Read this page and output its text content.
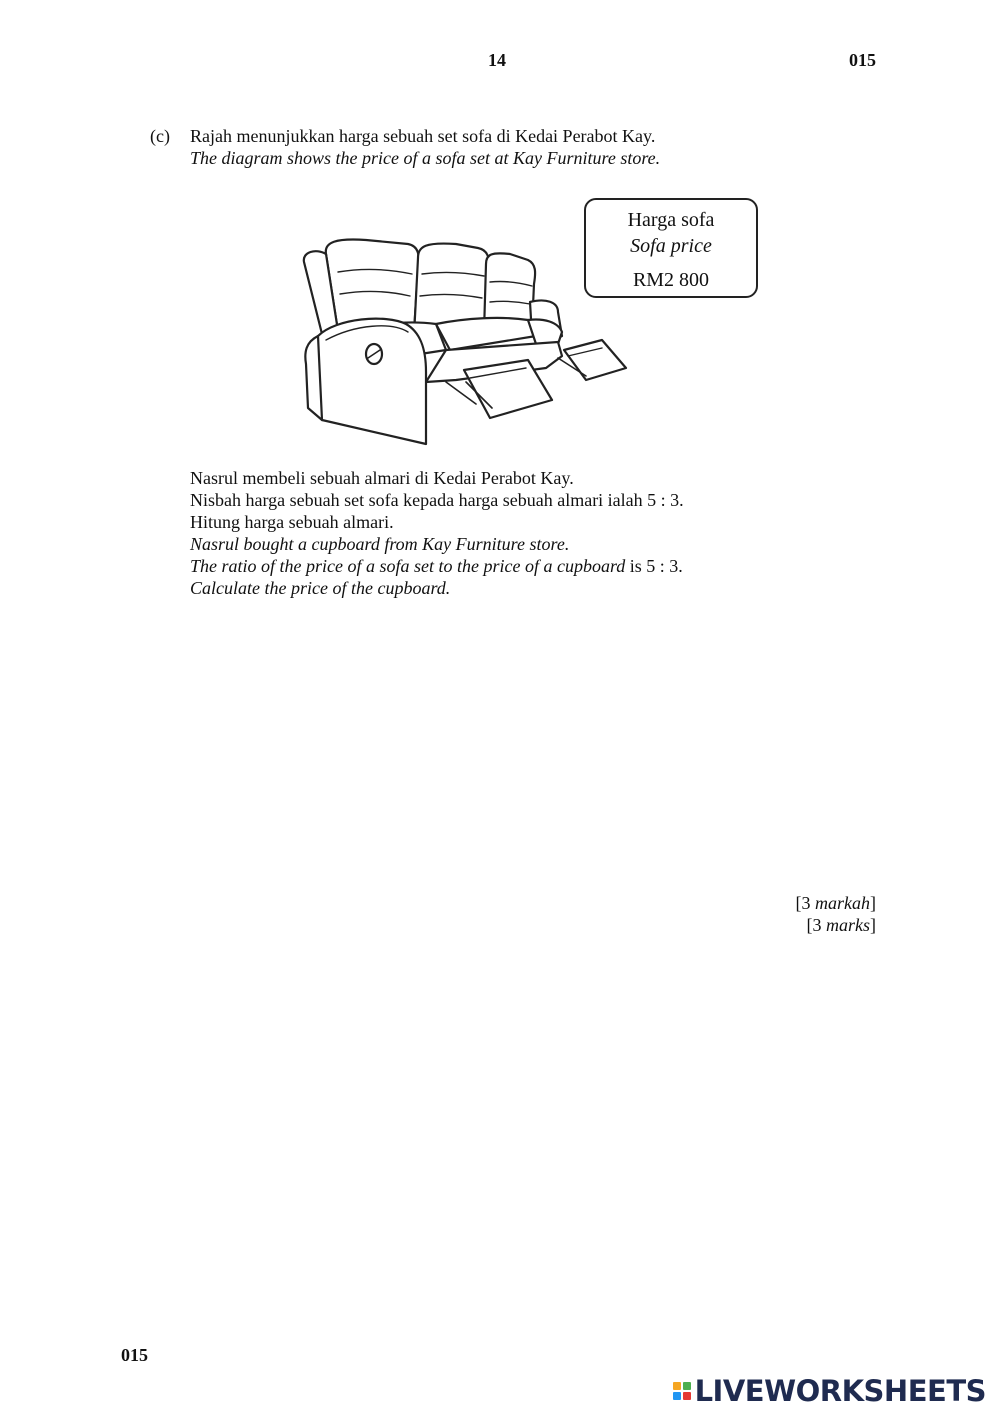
14	015
(c) Rajah menunjukkan harga sebuah set sofa di Kedai Perabot Kay.
The diagram shows the price of a sofa set at Kay Furniture store.
Harga sofa
Sofa price
RM2 800
Nasrul membeli sebuah almari di Kedai Perabot Kay.
Nisbah harga sebuah set sofa kepada harga sebuah almari ialah 5 : 3.
Hitung harga sebuah almari.
Nasrul bought a cupboard from Kay Furniture store.
The ratio of the price of a sofa set to the price of a cupboard is 5 : 3.
Calculate the price of the cupboard.
[3 markah]
[3 marks]
015
LIVEWORKSHEETS
